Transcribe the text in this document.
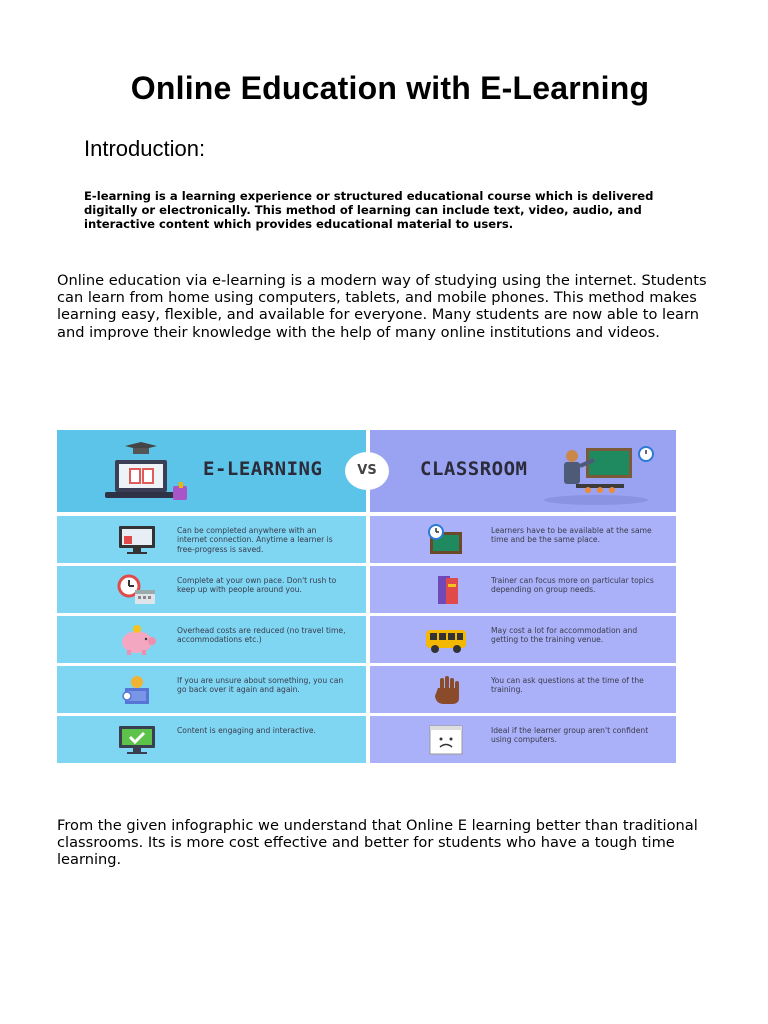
Online Education with E-Learning
Introduction:
E-learning is a learning experience or structured educational course which is delivered digitally or electronically. This method of learning can include text, video, audio, and interactive content which provides educational material to users.
Online education via e-learning is a modern way of studying using the internet. Students can learn from home using computers, tablets, and mobile phones. This method makes learning easy, flexible, and available for everyone. Many students are now able to learn and improve their knowledge with the help of many online institutions and videos.
E-LEARNING
Can be completed anywhere with an internet connection. Anytime a learner is free-progress is saved.
Complete at your own pace. Don't rush to keep up with people around you.
Overhead costs are reduced (no travel time, accommodations etc.)
If you are unsure about something, you can go back over it again and again.
Content is engaging and interactive.
CLASSROOM
Learners have to be available at the same time and be the same place.
Trainer can focus more on particular topics depending on group needs.
May cost a lot for accommodation and getting to the training venue.
You can ask questions at the time of the training.
Ideal if the learner group aren't confident using computers.
VS
From the given infographic we understand that Online E learning better than traditional classrooms. Its is more cost effective and better for students who have a tough time learning.
